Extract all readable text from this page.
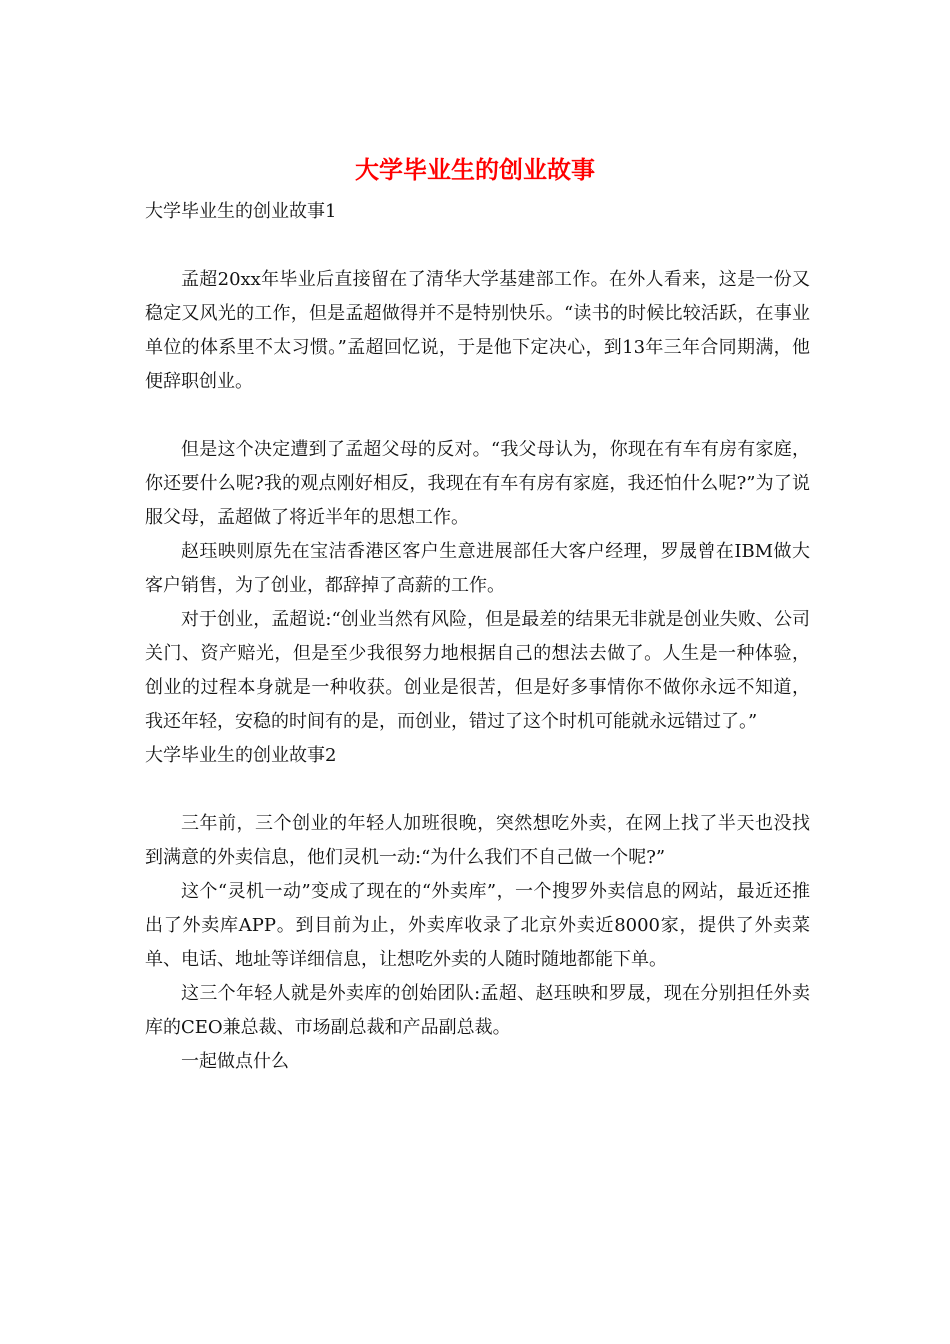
大学毕业生的创业故事
大学毕业生的创业故事1

孟超20xx年毕业后直接留在了清华大学基建部工作。在外人看来，这是一份又稳定又风光的工作，但是孟超做得并不是特别快乐。“读书的时候比较活跃，在事业单位的体系里不太习惯。”孟超回忆说，于是他下定决心，到13年三年合同期满，他便辞职创业。

但是这个决定遭到了孟超父母的反对。“我父母认为，你现在有车有房有家庭，你还要什么呢?我的观点刚好相反，我现在有车有房有家庭，我还怕什么呢?”为了说服父母，孟超做了将近半年的思想工作。

赵珏映则原先在宝洁香港区客户生意进展部任大客户经理，罗晟曾在IBM做大客户销售，为了创业，都辞掉了高薪的工作。

对于创业，孟超说:“创业当然有风险，但是最差的结果无非就是创业失败、公司关门、资产赔光，但是至少我很努力地根据自己的想法去做了。人生是一种体验，创业的过程本身就是一种收获。创业是很苦，但是好多事情你不做你永远不知道，我还年轻，安稳的时间有的是，而创业，错过了这个时机可能就永远错过了。”

大学毕业生的创业故事2

三年前，三个创业的年轻人加班很晚，突然想吃外卖，在网上找了半天也没找到满意的外卖信息，他们灵机一动:“为什么我们不自己做一个呢?”

这个“灵机一动”变成了现在的“外卖库”，一个搜罗外卖信息的网站，最近还推出了外卖库APP。到目前为止，外卖库收录了北京外卖近8000家，提供了外卖菜单、电话、地址等详细信息，让想吃外卖的人随时随地都能下单。

这三个年轻人就是外卖库的创始团队:孟超、赵珏映和罗晟，现在分别担任外卖库的CEO兼总裁、市场副总裁和产品副总裁。

一起做点什么
